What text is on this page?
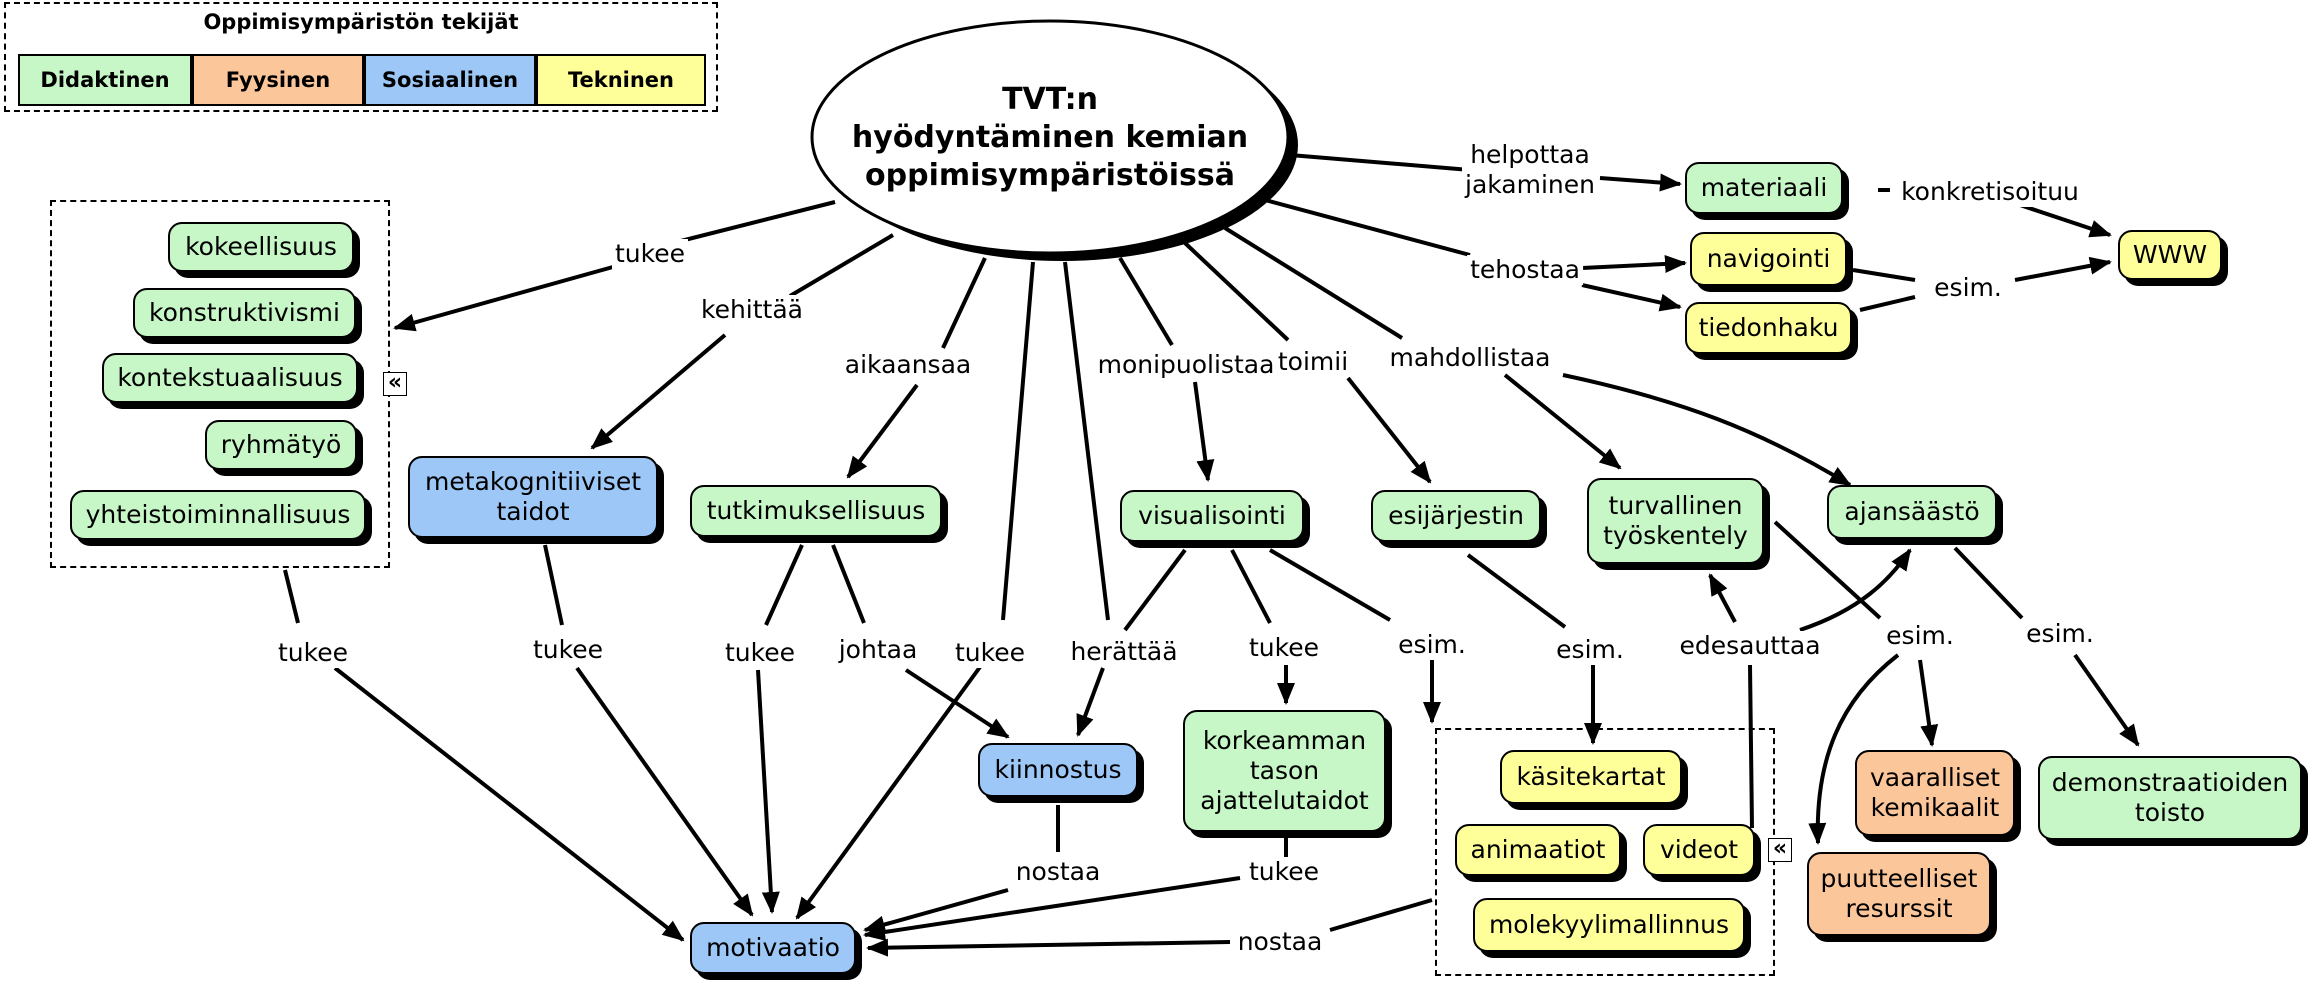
TVT:n
hyödyntäminen kemian
oppimisympäristöissä
Oppimisympäristön tekijät
Didaktinen	Fyysinen	Sosiaalinen	Tekninen
«
«
kokeellisuus
konstruktivismi
kontekstuaalisuus
ryhmätyö
yhteistoiminnallisuus
metakognitiiviset
taidot	tutkimuksellisuus	visualisointi	esijärjestin	turvallinen
työskentely
ajansäästö
materiaali
navigointi
tiedonhaku
WWW
kiinnostus
korkeamman
tason
ajattelutaidot
käsitekartat
animaatiot	videot
molekyylimallinnus
vaaralliset
kemikaalit
puutteelliset
resurssit
demonstraatioiden
toisto
motivaatio
helpottaa
jakaminen	konkretisoituu
tehostaa
esim.
tukee
kehittää
aikaansaa	monipuolistaa toimii mahdollistaa
tukee	tukee	tukee johtaa tukee herättää	tukee	esim.	esim. edesauttaa	esim.	esim.
nostaa	tukee
nostaa
